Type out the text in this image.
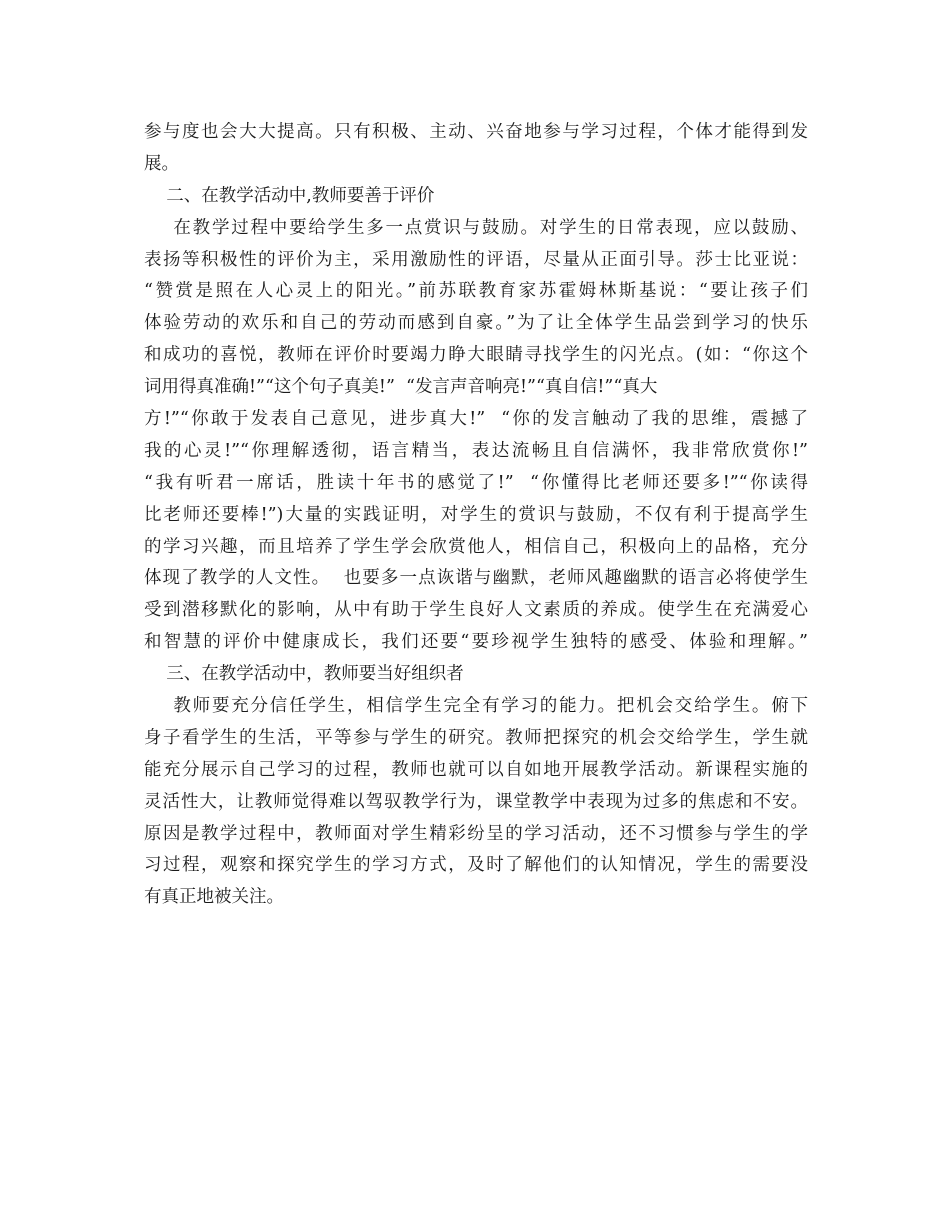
参与度也会大大提高。只有积极、主动、兴奋地参与学习过程，个体才能得到发
展。
二、在教学活动中,教师要善于评价
在教学过程中要给学生多一点赏识与鼓励。对学生的日常表现，应以鼓励、
表扬等积极性的评价为主，采用激励性的评语，尽量从正面引导。莎士比亚说：
“赞赏是照在人心灵上的阳光。”前苏联教育家苏霍姆林斯基说：“要让孩子们
体验劳动的欢乐和自己的劳动而感到自豪。”为了让全体学生品尝到学习的快乐
和成功的喜悦，教师在评价时要竭力睁大眼睛寻找学生的闪光点。(如：“你这个
词用得真准确!”“这个句子真美!”  “发言声音响亮!”“真自信!”“真大
方!”“你敢于发表自己意见，进步真大!”  “你的发言触动了我的思维，震撼了
我的心灵!”“你理解透彻，语言精当，表达流畅且自信满怀，我非常欣赏你!”
“我有听君一席话，胜读十年书的感觉了!”  “你懂得比老师还要多!”“你读得
比老师还要棒!”)大量的实践证明，对学生的赏识与鼓励，不仅有利于提高学生
的学习兴趣，而且培养了学生学会欣赏他人，相信自己，积极向上的品格，充分
体现了教学的人文性。  也要多一点诙谐与幽默，老师风趣幽默的语言必将使学生
受到潜移默化的影响，从中有助于学生良好人文素质的养成。使学生在充满爱心
和智慧的评价中健康成长，我们还要“要珍视学生独特的感受、体验和理解。”
三、在教学活动中，教师要当好组织者
教师要充分信任学生，相信学生完全有学习的能力。把机会交给学生。俯下
身子看学生的生活，平等参与学生的研究。教师把探究的机会交给学生，学生就
能充分展示自己学习的过程，教师也就可以自如地开展教学活动。新课程实施的
灵活性大，让教师觉得难以驾驭教学行为，课堂教学中表现为过多的焦虑和不安。
原因是教学过程中，教师面对学生精彩纷呈的学习活动，还不习惯参与学生的学
习过程，观察和探究学生的学习方式，及时了解他们的认知情况，学生的需要没
有真正地被关注。
